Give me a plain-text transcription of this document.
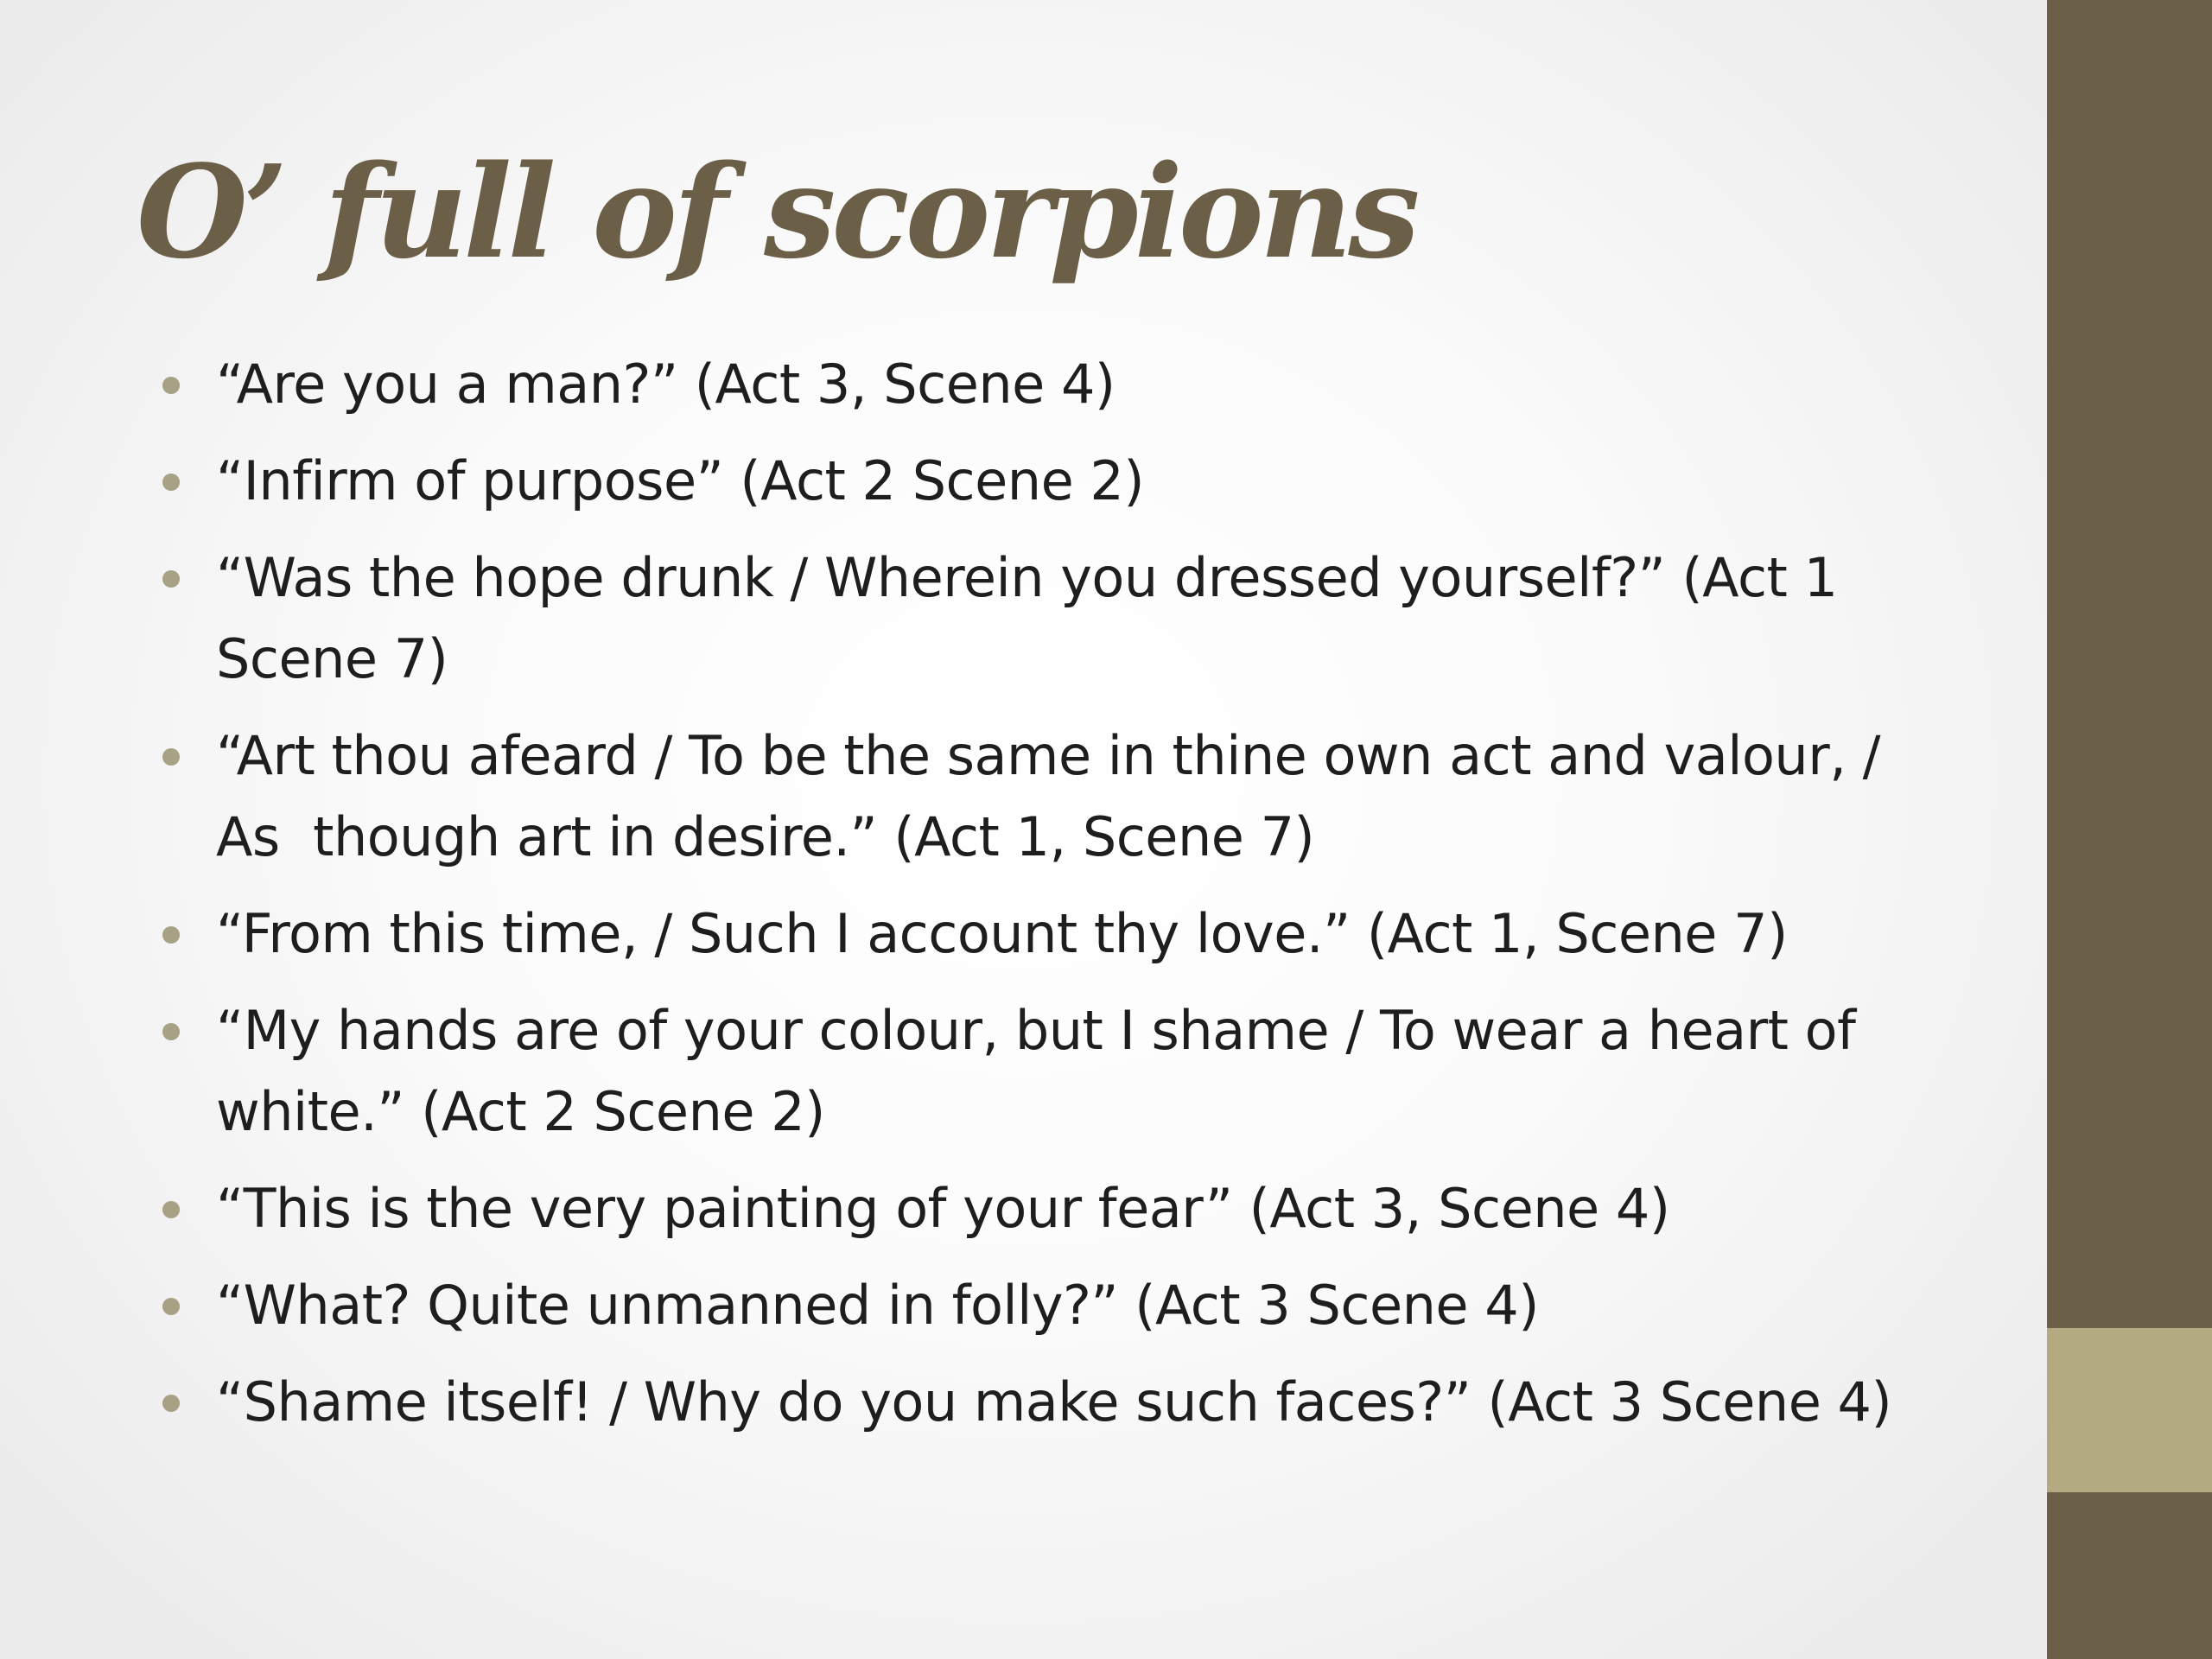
O’ full of scorpions
“Are you a man?” (Act 3, Scene 4)
“Infirm of purpose” (Act 2 Scene 2)
“Was the hope drunk / Wherein you dressed yourself?” (Act 1 Scene 7)
“Art thou afeard / To be the same in thine own act and valour, / As  though art in desire.” (Act 1, Scene 7)
“From this time, / Such I account thy love.” (Act 1, Scene 7)
“My hands are of your colour, but I shame / To wear a heart of white.” (Act 2 Scene 2)
“This is the very painting of your fear” (Act 3, Scene 4)
“What? Quite unmanned in folly?” (Act 3 Scene 4)
“Shame itself! / Why do you make such faces?” (Act 3 Scene 4)
